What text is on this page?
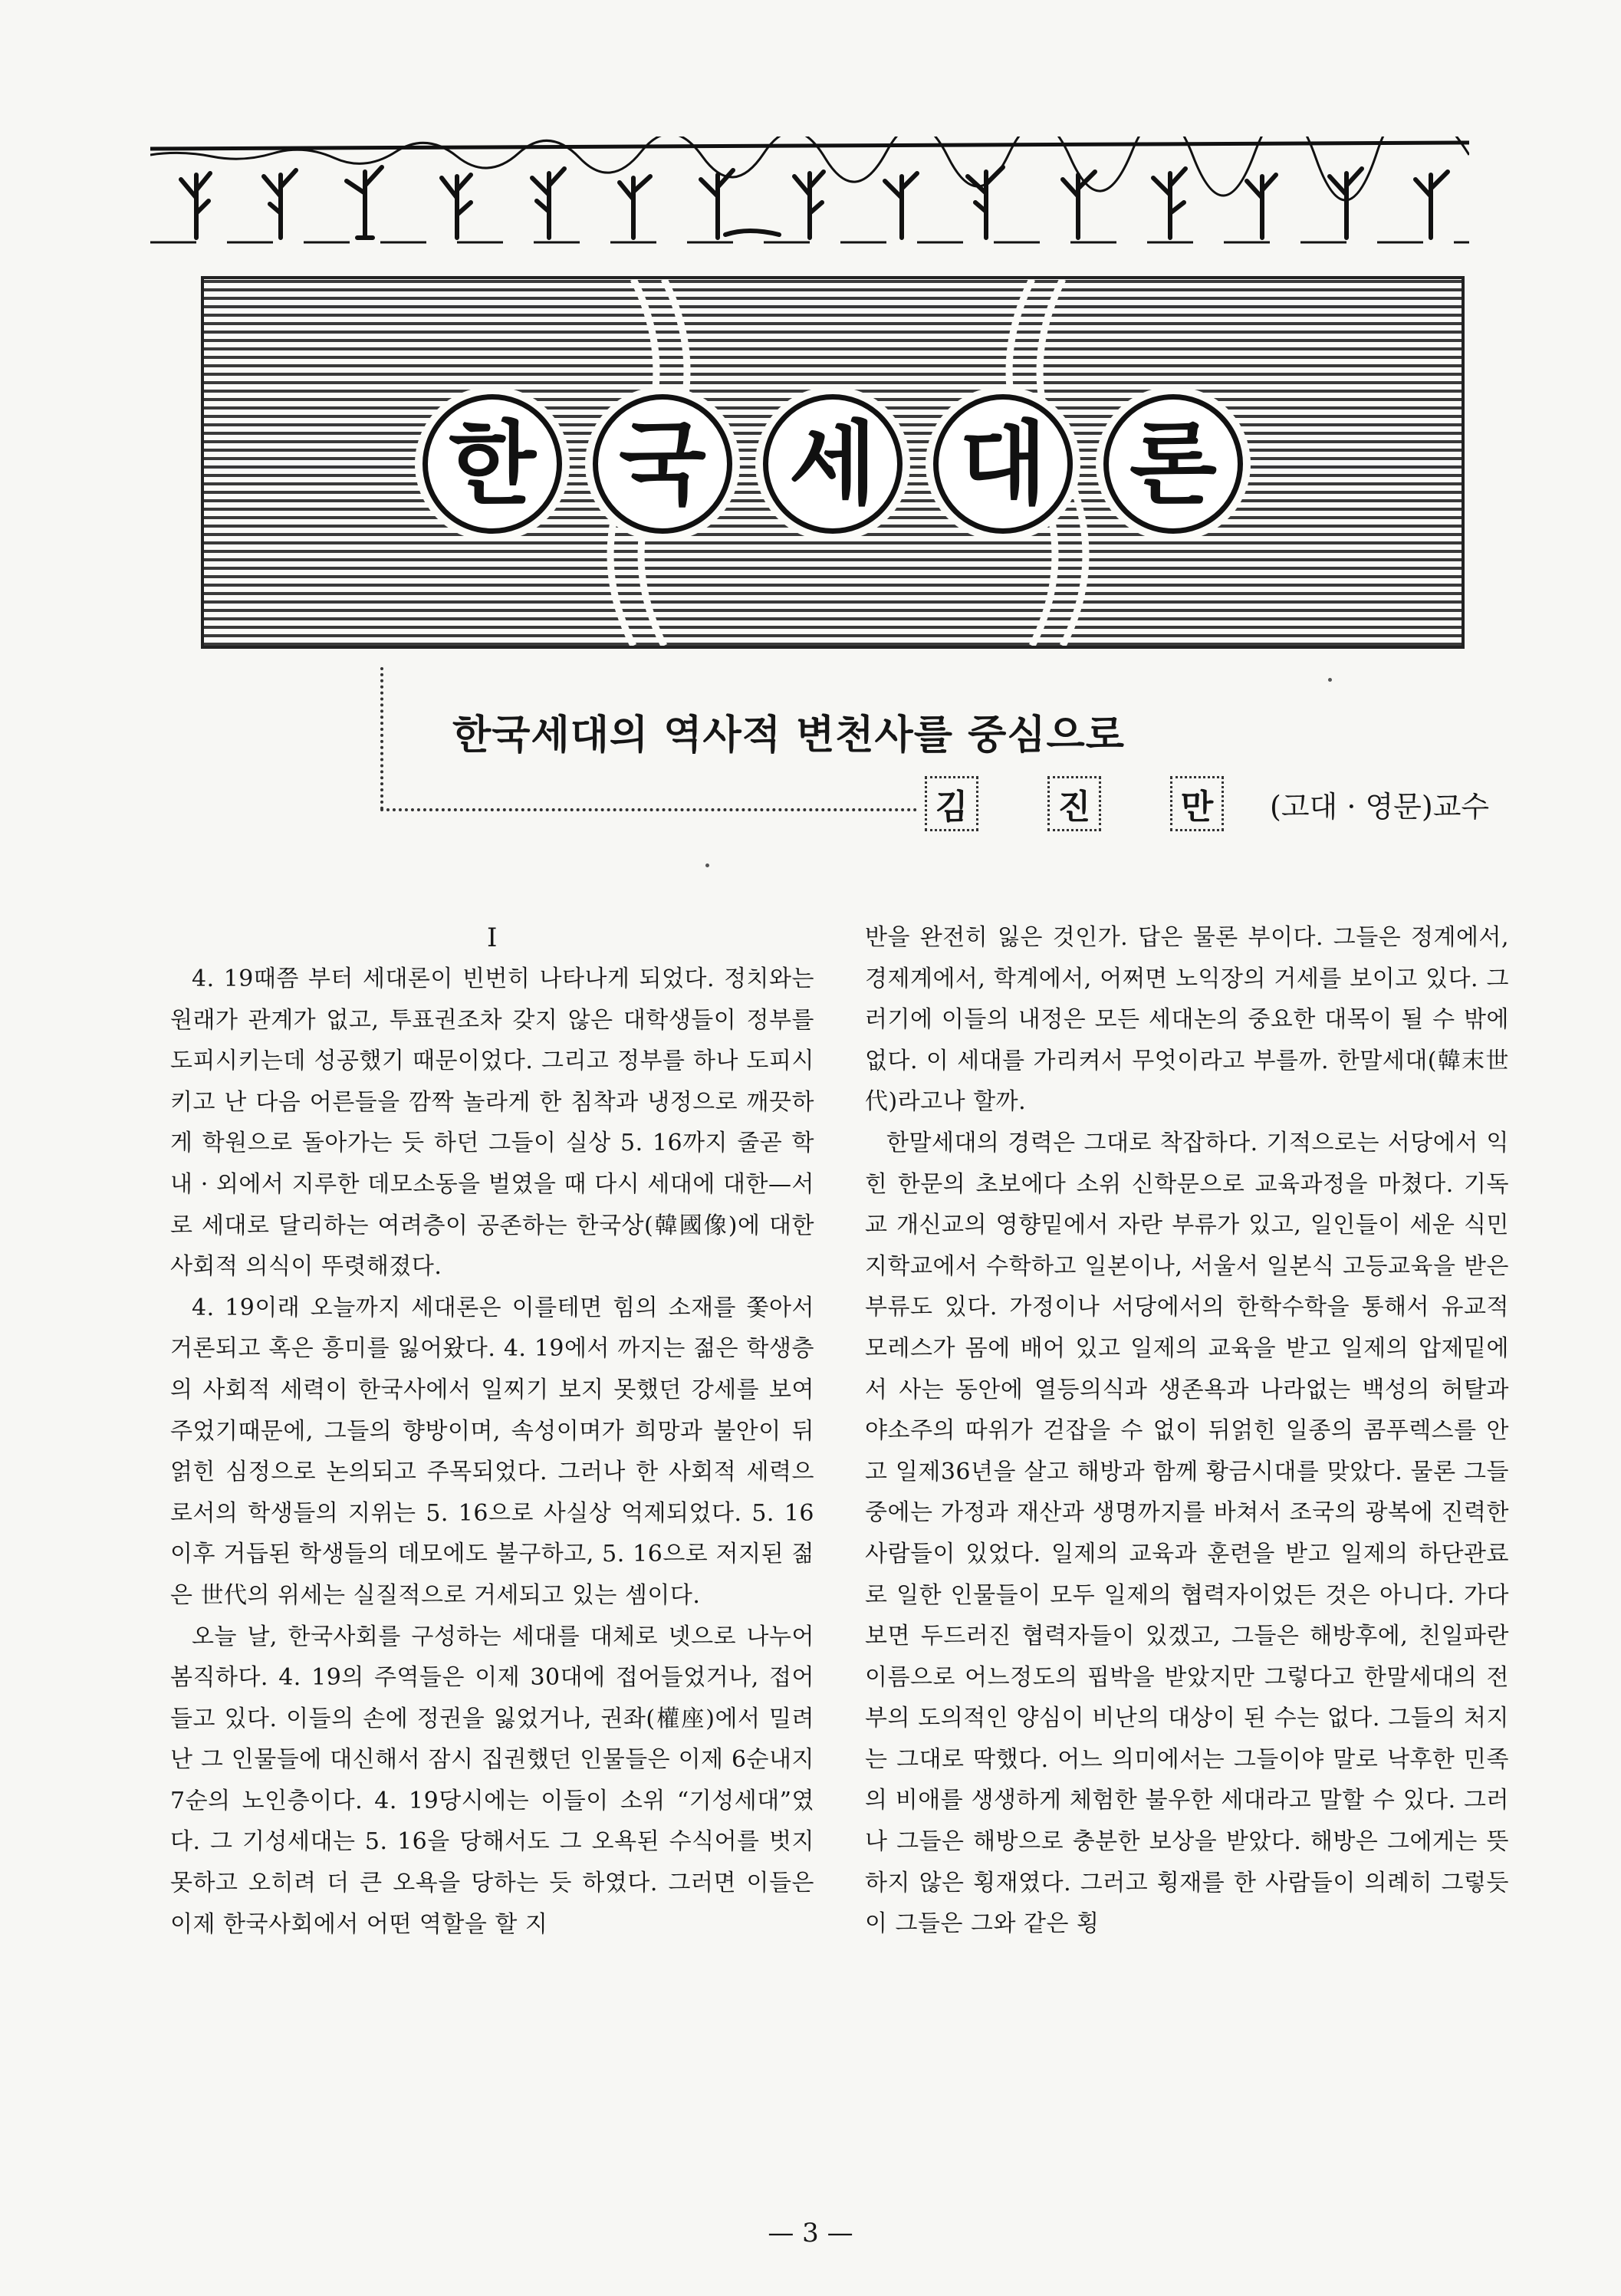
한 국 세 대 론
한국세대의 역사적 변천사를 중심으로
김	진	만	(고대 · 영문)교수
I

4. 19때쯤 부터 세대론이 빈번히 나타나게 되었다. 정치와는 원래가 관계가 없고, 투표권조차 갖지 않은 대학생들이 정부를 도피시키는데 성공했기 때문이었다. 그리고 정부를 하나 도피시키고 난 다음 어른들을 깜짝 놀라게 한 침착과 냉정으로 깨끗하게 학원으로 돌아가는 듯 하던 그들이 실상 5. 16까지 줄곧 학내 · 외에서 지루한 데모소동을 벌였을 때 다시 세대에 대한—서로 세대로 달리하는 여려층이 공존하는 한국상(韓國像)에 대한 사회적 의식이 뚜렷해졌다.

4. 19이래 오늘까지 세대론은 이를테면 힘의 소재를 쫓아서 거론되고 혹은 흥미를 잃어왔다. 4. 19에서 까지는 젊은 학생층의 사회적 세력이 한국사에서 일찌기 보지 못했던 강세를 보여주었기때문에, 그들의 향방이며, 속성이며가 희망과 불안이 뒤얽힌 심정으로 논의되고 주목되었다. 그러나 한 사회적 세력으로서의 학생들의 지위는 5. 16으로 사실상 억제되었다. 5. 16이후 거듭된 학생들의 데모에도 불구하고, 5. 16으로 저지된 젊은 世代의 위세는 실질적으로 거세되고 있는 셈이다.

오늘 날, 한국사회를 구성하는 세대를 대체로 넷으로 나누어 봄직하다. 4. 19의 주역들은 이제 30대에 접어들었거나, 접어들고 있다. 이들의 손에 정권을 잃었거나, 권좌(權座)에서 밀려 난 그 인물들에 대신해서 잠시 집권했던 인물들은 이제 6순내지 7순의 노인층이다. 4. 19당시에는 이들이 소위 “기성세대”였다. 그 기성세대는 5. 16을 당해서도 그 오욕된 수식어를 벗지 못하고 오히려 더 큰 오욕을 당하는 듯 하였다. 그러면 이들은 이제 한국사회에서 어떤 역할을 할 지

반을 완전히 잃은 것인가. 답은 물론 부이다. 그들은 정계에서, 경제계에서, 학계에서, 어쩌면 노익장의 거세를 보이고 있다. 그러기에 이들의 내정은 모든 세대논의 중요한 대목이 될 수 밖에 없다. 이 세대를 가리켜서 무엇이라고 부를까. 한말세대(韓末世代)라고나 할까.

한말세대의 경력은 그대로 착잡하다. 기적으로는 서당에서 익힌 한문의 초보에다 소위 신학문으로 교육과정을 마쳤다. 기독교 개신교의 영향밑에서 자란 부류가 있고, 일인들이 세운 식민지학교에서 수학하고 일본이나, 서울서 일본식 고등교육을 받은 부류도 있다. 가정이나 서당에서의 한학수학을 통해서 유교적 모레스가 몸에 배어 있고 일제의 교육을 받고 일제의 압제밑에서 사는 동안에 열등의식과 생존욕과 나라없는 백성의 허탈과 야소주의 따위가 걷잡을 수 없이 뒤얽힌 일종의 콤푸렉스를 안고 일제36년을 살고 해방과 함께 황금시대를 맞았다. 물론 그들중에는 가정과 재산과 생명까지를 바쳐서 조국의 광복에 진력한 사람들이 있었다. 일제의 교육과 훈련을 받고 일제의 하단관료로 일한 인물들이 모두 일제의 협력자이었든 것은 아니다. 가다 보면 두드러진 협력자들이 있겠고, 그들은 해방후에, 친일파란 이름으로 어느정도의 핍박을 받았지만 그렇다고 한말세대의 전부의 도의적인 양심이 비난의 대상이 된 수는 없다. 그들의 처지는 그대로 딱했다. 어느 의미에서는 그들이야 말로 낙후한 민족의 비애를 생생하게 체험한 불우한 세대라고 말할 수 있다. 그러나 그들은 해방으로 충분한 보상을 받았다. 해방은 그에게는 뜻하지 않은 횡재였다. 그러고 횡재를 한 사람들이 의례히 그렇듯이 그들은 그와 같은 횡

— 3 —
